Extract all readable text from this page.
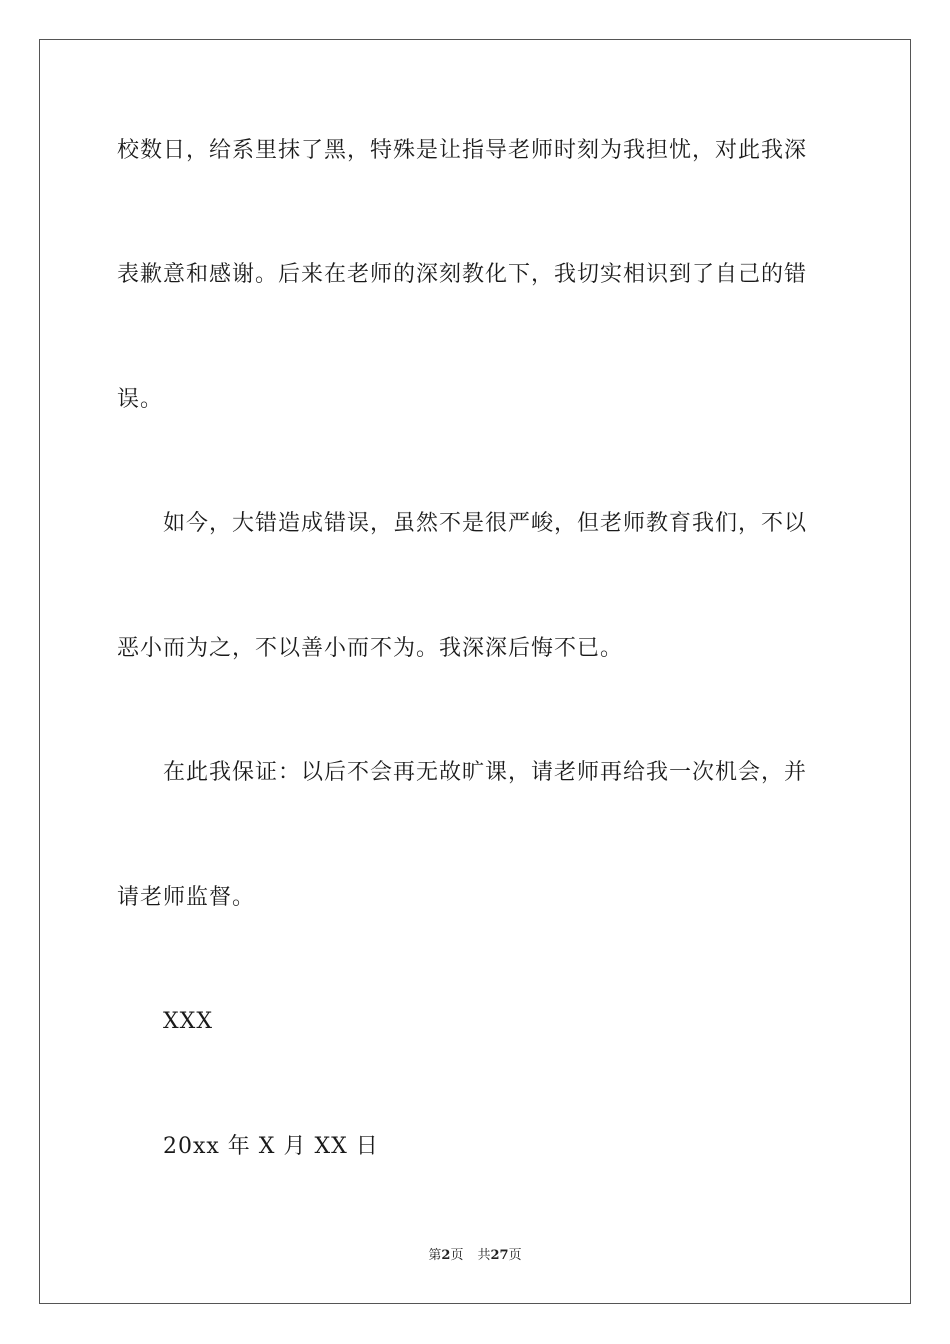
校数日，给系里抹了黑，特殊是让指导老师时刻为我担忧，对此我深
表歉意和感谢。后来在老师的深刻教化下，我切实相识到了自己的错
误。
如今，大错造成错误，虽然不是很严峻，但老师教育我们，不以
恶小而为之，不以善小而不为。我深深后悔不已。
在此我保证：以后不会再无故旷课，请老师再给我一次机会，并
请老师监督。
XXX
20xx 年 X 月 XX 日
第2页 共27页
